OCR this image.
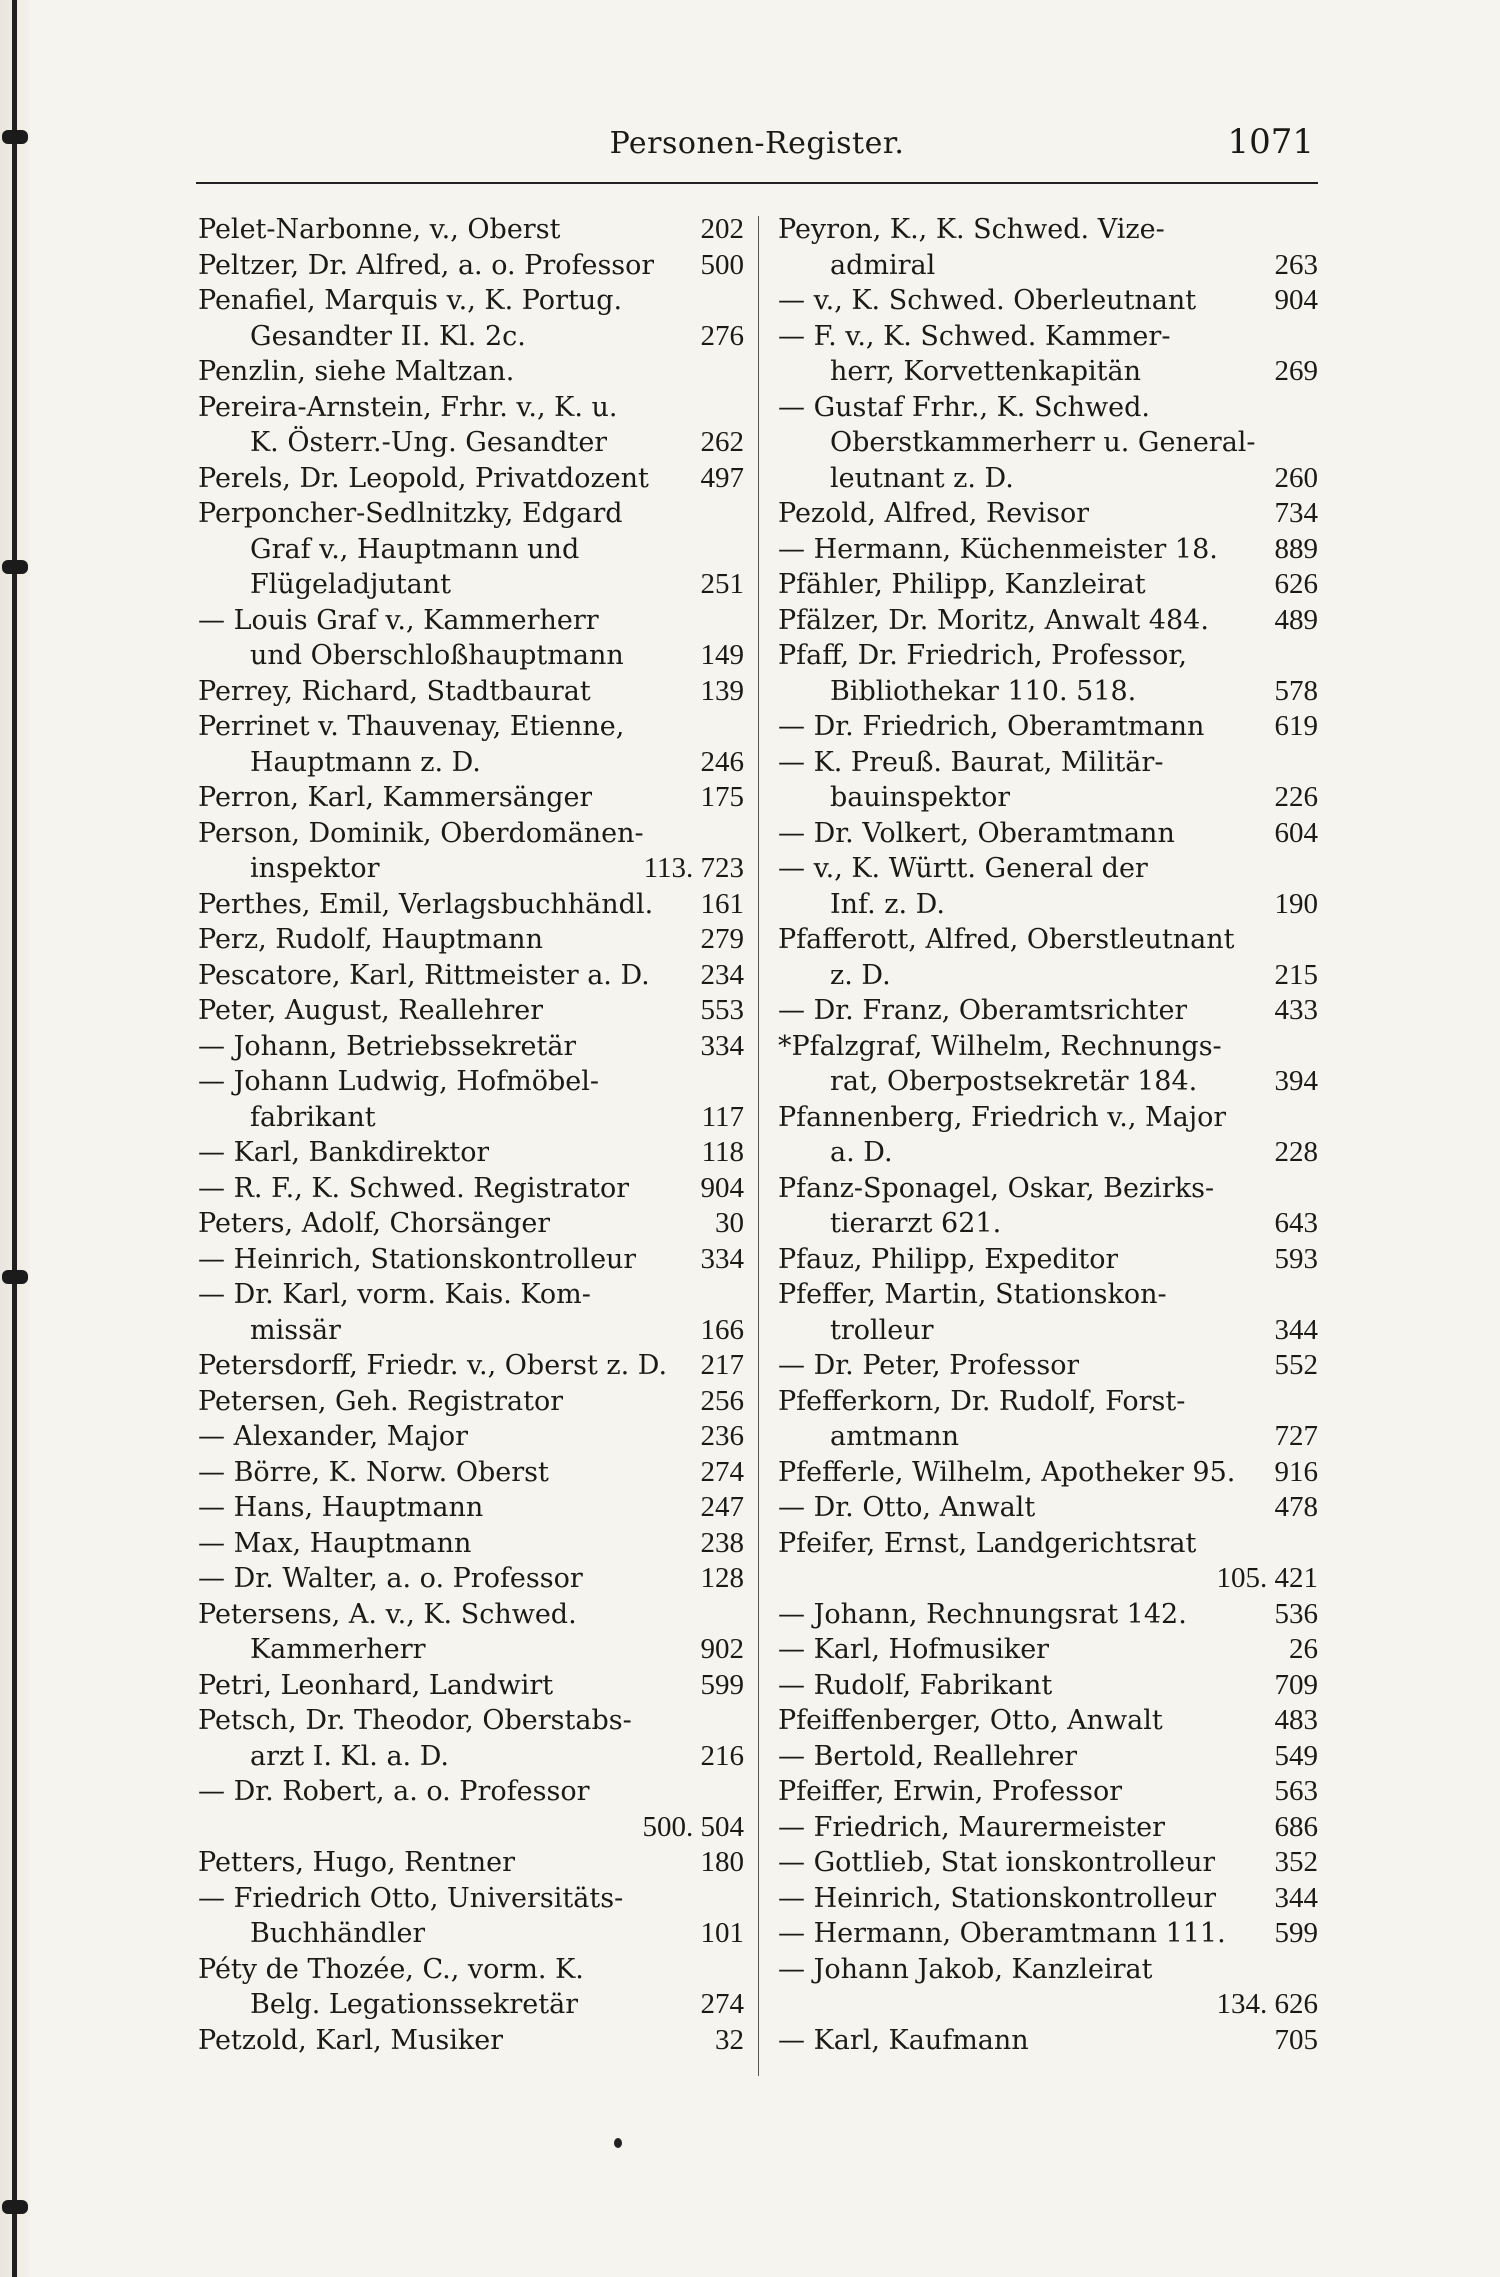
Personen-Register.	1071
Pelet-Narbonne, v., Oberst	202
Peltzer, Dr. Alfred, a. o. Professor	500
Penafiel, Marquis v., K. Portug.
Gesandter II. Kl. 2c.	276
Penzlin, siehe Maltzan.
Pereira-Arnstein, Frhr. v., K. u.
K. Österr.-Ung. Gesandter	262
Perels, Dr. Leopold, Privatdozent	497
Perponcher-Sedlnitzky, Edgard
Graf v., Hauptmann und
Flügeladjutant	251
— Louis Graf v., Kammerherr
und Oberschloßhauptmann	149
Perrey, Richard, Stadtbaurat	139
Perrinet v. Thauvenay, Etienne,
Hauptmann z. D.	246
Perron, Karl, Kammersänger	175
Person, Dominik, Oberdomänen-
inspektor	113. 723
Perthes, Emil, Verlagsbuchhändl.	161
Perz, Rudolf, Hauptmann	279
Pescatore, Karl, Rittmeister a. D.	234
Peter, August, Reallehrer	553
— Johann, Betriebssekretär	334
— Johann Ludwig, Hofmöbel-
fabrikant	117
— Karl, Bankdirektor	118
— R. F., K. Schwed. Registrator	904
Peters, Adolf, Chorsänger	30
— Heinrich, Stationskontrolleur	334
— Dr. Karl, vorm. Kais. Kom-
missär	166
Petersdorff, Friedr. v., Oberst z. D.	217
Petersen, Geh. Registrator	256
— Alexander, Major	236
— Börre, K. Norw. Oberst	274
— Hans, Hauptmann	247
— Max, Hauptmann	238
— Dr. Walter, a. o. Professor	128
Petersens, A. v., K. Schwed.
Kammerherr	902
Petri, Leonhard, Landwirt	599
Petsch, Dr. Theodor, Oberstabs-
arzt I. Kl. a. D.	216
— Dr. Robert, a. o. Professor
500. 504
Petters, Hugo, Rentner	180
— Friedrich Otto, Universitäts-
Buchhändler	101
Péty de Thozée, C., vorm. K.
Belg. Legationssekretär	274
Petzold, Karl, Musiker	32
Peyron, K., K. Schwed. Vize-
admiral	263
— v., K. Schwed. Oberleutnant	904
— F. v., K. Schwed. Kammer-
herr, Korvettenkapitän	269
— Gustaf Frhr., K. Schwed.
Oberstkammerherr u. General-
leutnant z. D.	260
Pezold, Alfred, Revisor	734
— Hermann, Küchenmeister 18.	889
Pfähler, Philipp, Kanzleirat	626
Pfälzer, Dr. Moritz, Anwalt 484.	489
Pfaff, Dr. Friedrich, Professor,
Bibliothekar 110. 518.	578
— Dr. Friedrich, Oberamtmann	619
— K. Preuß. Baurat, Militär-
bauinspektor	226
— Dr. Volkert, Oberamtmann	604
— v., K. Württ. General der
Inf. z. D.	190
Pfafferott, Alfred, Oberstleutnant
z. D.	215
— Dr. Franz, Oberamtsrichter	433
*Pfalzgraf, Wilhelm, Rechnungs-
rat, Oberpostsekretär 184.	394
Pfannenberg, Friedrich v., Major
a. D.	228
Pfanz-Sponagel, Oskar, Bezirks-
tierarzt 621.	643
Pfauz, Philipp, Expeditor	593
Pfeffer, Martin, Stationskon-
trolleur	344
— Dr. Peter, Professor	552
Pfefferkorn, Dr. Rudolf, Forst-
amtmann	727
Pfefferle, Wilhelm, Apotheker 95.	916
— Dr. Otto, Anwalt	478
Pfeifer, Ernst, Landgerichtsrat
105. 421
— Johann, Rechnungsrat 142.	536
— Karl, Hofmusiker	26
— Rudolf, Fabrikant	709
Pfeiffenberger, Otto, Anwalt	483
— Bertold, Reallehrer	549
Pfeiffer, Erwin, Professor	563
— Friedrich, Maurermeister	686
— Gottlieb, Stat ionskontrolleur	352
— Heinrich, Stationskontrolleur	344
— Hermann, Oberamtmann 111.	599
— Johann Jakob, Kanzleirat
134. 626
— Karl, Kaufmann	705
